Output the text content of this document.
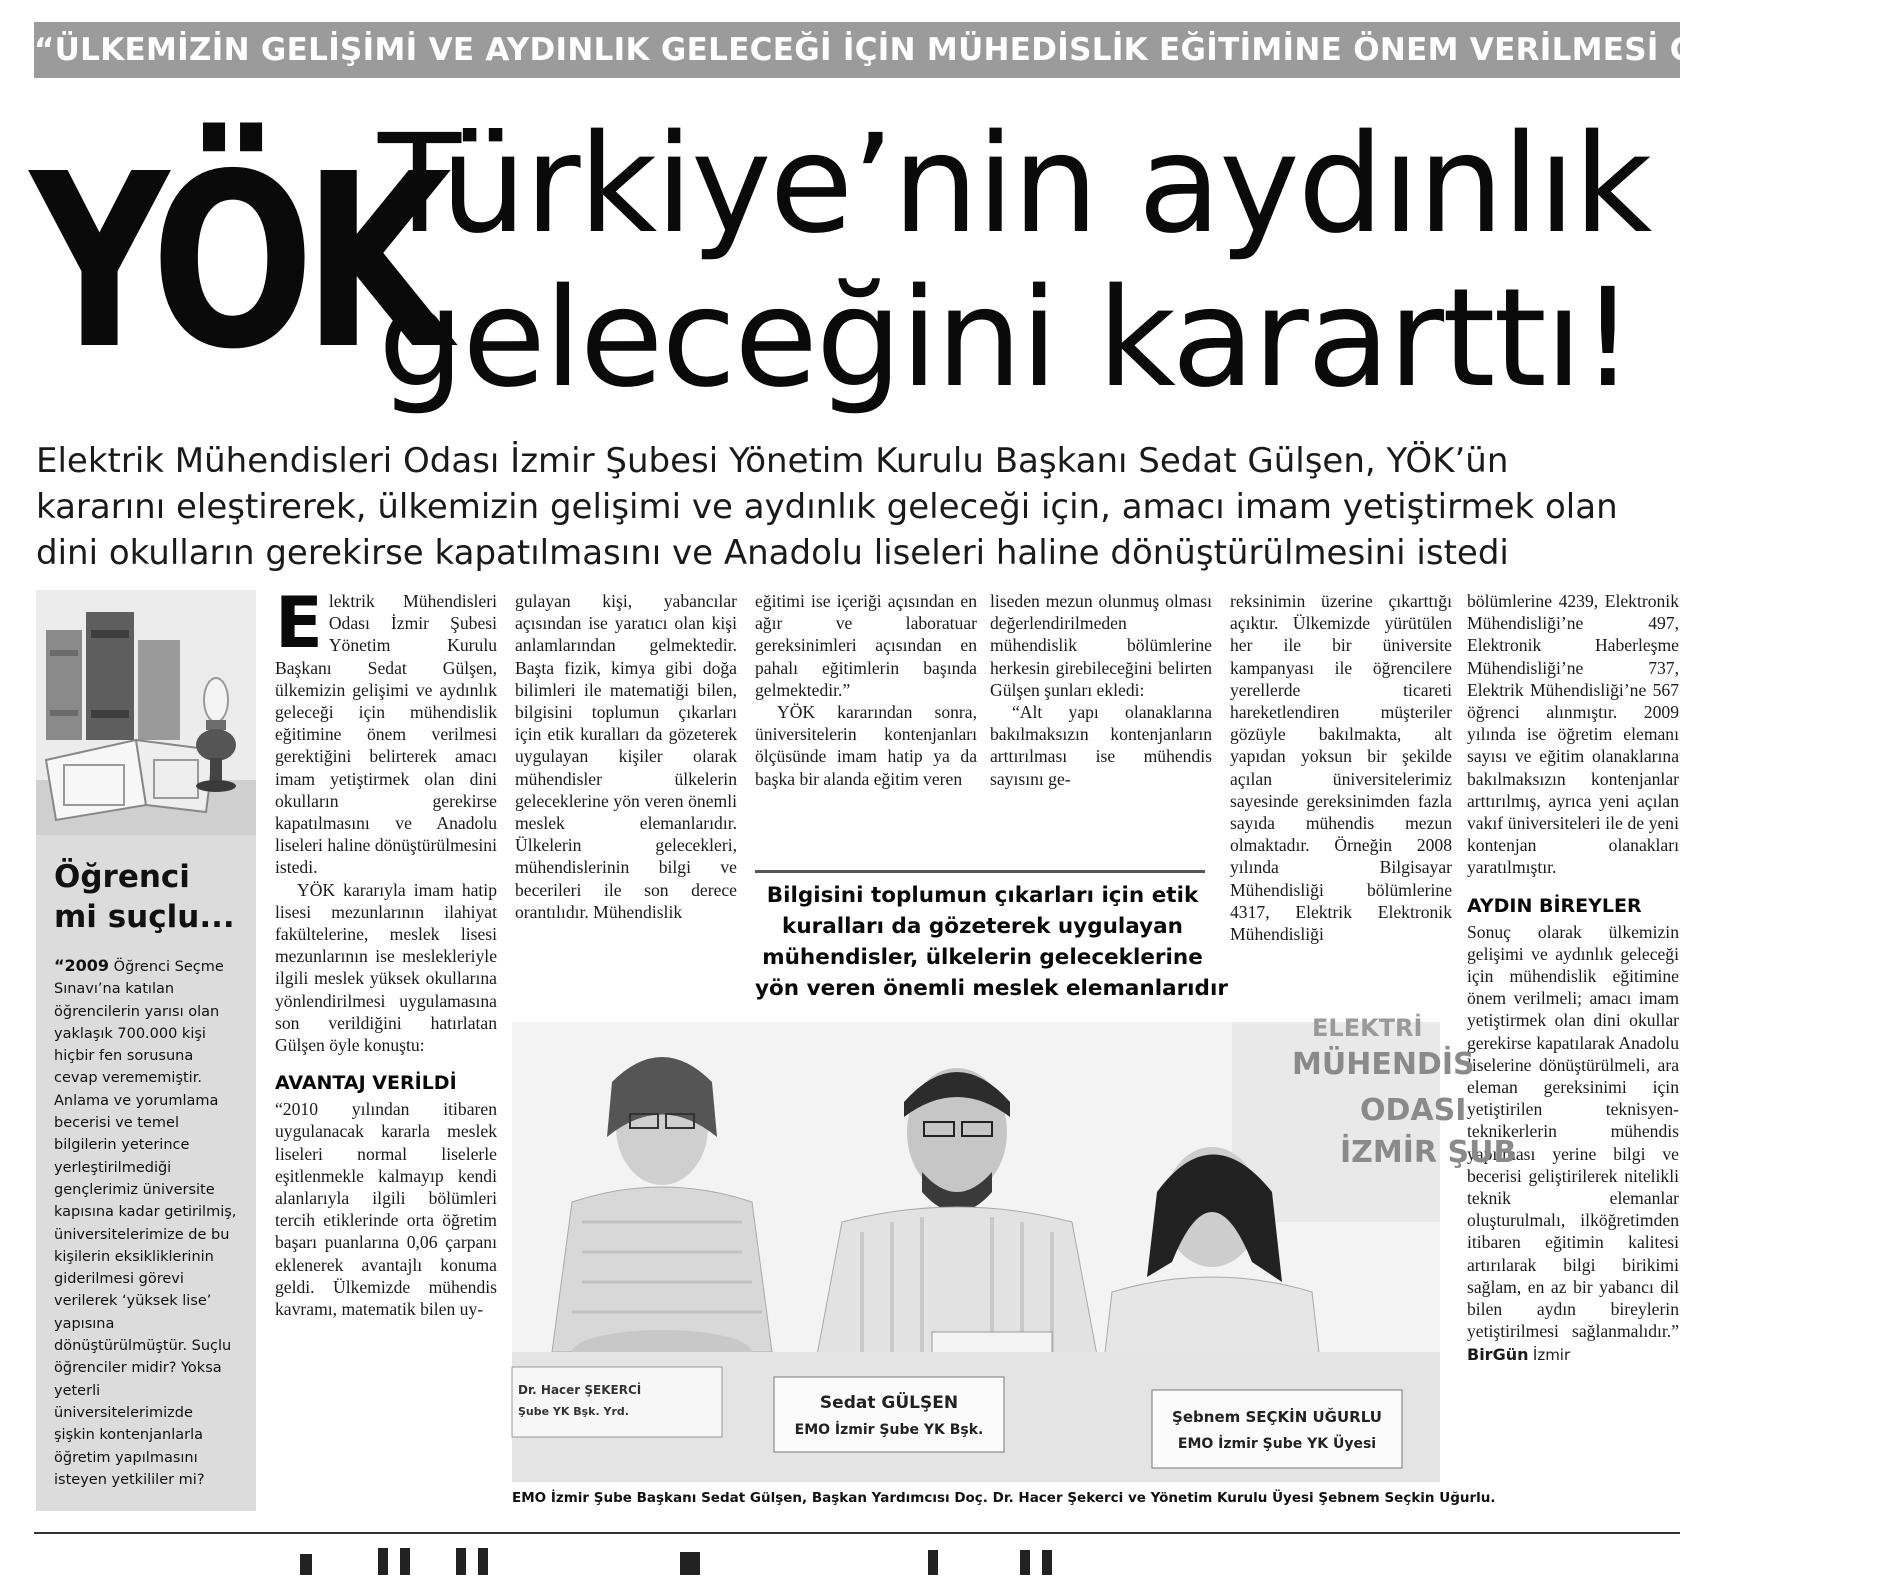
“ÜLKEMİZİN GELİŞİMİ VE AYDINLIK GELECEĞİ İÇİN MÜHEDİSLİK EĞİTİMİNE ÖNEM VERİLMESİ GEREKİYOR”
YÖK
Türkiye’nin aydınlık
geleceğini kararttı!
Elektrik Mühendisleri Odası İzmir Şubesi Yönetim Kurulu Başkanı Sedat Gülşen, YÖK’ün
kararını eleştirerek, ülkemizin gelişimi ve aydınlık geleceği için, amacı imam yetiştirmek olan
dini okulların gerekirse kapatılmasını ve Anadolu liseleri haline dönüştürülmesini istedi
Öğrenci mi suçlu...
“2009 Öğrenci Seçme Sınavı’na katılan öğrencilerin yarısı olan yaklaşık 700.000 kişi hiçbir fen sorusuna cevap verememiştir. Anlama ve yorumlama becerisi ve temel bilgilerin yeterince yerleştirilmediği gençlerimiz üniversite kapısına kadar getirilmiş, üniversitelerimize de bu kişilerin eksikliklerinin giderilmesi görevi verilerek ‘yüksek lise’ yapısına dönüştürülmüştür. Suçlu öğrenciler midir? Yoksa yeterli üniversitelerimizde şişkin kontenjanlarla öğretim yapılmasını isteyen yetkililer mi?

Elektrik Mühendisleri Odası İzmir Şubesi Yönetim Kurulu Başkanı Sedat Gülşen, ülkemizin gelişimi ve aydınlık geleceği için mühendislik eğitimine önem verilmesi gerektiğini belirterek amacı imam yetiştirmek olan dini okulların gerekirse kapatılmasını ve Anadolu liseleri haline dönüştürülmesini istedi.

YÖK kararıyla imam hatip lisesi mezunlarının ilahiyat fakültelerine, meslek lisesi mezunlarının ise meslekleriyle ilgili meslek yüksek okullarına yönlendirilmesi uygulamasına son verildiğini hatırlatan Gülşen öyle konuştu:

AVANTAJ VERİLDİ

“2010 yılından itibaren uygulanacak kararla meslek liseleri normal liselerle eşitlenmekle kalmayıp kendi alanlarıyla ilgili bölümleri tercih etiklerinde orta öğretim başarı puanlarına 0,06 çarpanı eklenerek avantajlı konuma geldi. Ülkemizde mühendis kavramı, matematik bilen uy-

gulayan kişi, yabancılar açısından ise yaratıcı olan kişi anlamlarından gelmektedir. Başta fizik, kimya gibi doğa bilimleri ile matematiği bilen, bilgisini toplumun çıkarları için etik kuralları da gözeterek uygulayan kişiler olarak mühendisler ülkelerin geleceklerine yön veren önemli meslek elemanlarıdır. Ülkelerin gelecekleri, mühendislerinin bilgi ve becerileri ile son derece orantılıdır. Mühendislik

eğitimi ise içeriği açısından en ağır ve laboratuar gereksinimleri açısından en pahalı eğitimlerin başında gelmektedir.”

YÖK kararından sonra, üniversitelerin kontenjanları ölçüsünde imam hatip ya da başka bir alanda eğitim veren

liseden mezun olunmuş olması değerlendirilmeden mühendislik bölümlerine herkesin girebileceğini belirten Gülşen şunları ekledi:

“Alt yapı olanaklarına bakılmaksızın kontenjanların arttırılması ise mühendis sayısını ge-

reksinimin üzerine çıkarttığı açıktır. Ülkemizde yürütülen her ile bir üniversite kampanyası ile öğrencilere yerellerde ticareti hareketlendiren müşteriler gözüyle bakılmakta, alt yapıdan yoksun bir şekilde açılan üniversitelerimiz sayesinde gereksinimden fazla sayıda mühendis mezun olmaktadır. Örneğin 2008 yılında Bilgisayar Mühendisliği bölümlerine 4317, Elektrik Elektronik Mühendisliği

bölümlerine 4239, Elektronik Mühendisliği’ne 497, Elektronik Haberleşme Mühendisliği’ne 737, Elektrik Mühendisliği’ne 567 öğrenci alınmıştır. 2009 yılında ise öğretim elemanı sayısı ve eğitim olanaklarına bakılmaksızın kontenjanlar arttırılmış, ayrıca yeni açılan vakıf üniversiteleri ile de yeni kontenjan olanakları yaratılmıştır.

AYDIN BİREYLER

Sonuç olarak ülkemizin gelişimi ve aydınlık geleceği için mühendislik eğitimine önem verilmeli; amacı imam yetiştirmek olan dini okullar gerekirse kapatılarak Anadolu liselerine dönüştürülmeli, ara eleman gereksinimi için yetiştirilen teknisyen-teknikerlerin mühendis yapılması yerine bilgi ve becerisi geliştirilerek nitelikli teknik elemanlar oluşturulmalı, ilköğretimden itibaren eğitimin kalitesi artırılarak bilgi birikimi sağlam, en az bir yabancı dil bilen aydın bireylerin yetiştirilmesi sağlanmalıdır.” BirGün İzmir

Bilgisini toplumun çıkarları için etik
kuralları da gözeterek uygulayan
mühendisler, ülkelerin geleceklerine
yön veren önemli meslek elemanlarıdır
ELEKTRİ
MÜHENDİS
ODASI
İZMİR ŞUB
Dr. Hacer ŞEKERCİ
Şube YK Bşk. Yrd.	Sedat GÜLŞEN
EMO İzmir Şube YK Bşk.
Şebnem SEÇKİN UĞURLU
EMO İzmir Şube YK Üyesi
EMO İzmir Şube Başkanı Sedat Gülşen, Başkan Yardımcısı Doç. Dr. Hacer Şekerci ve Yönetim Kurulu Üyesi Şebnem Seçkin Uğurlu.
